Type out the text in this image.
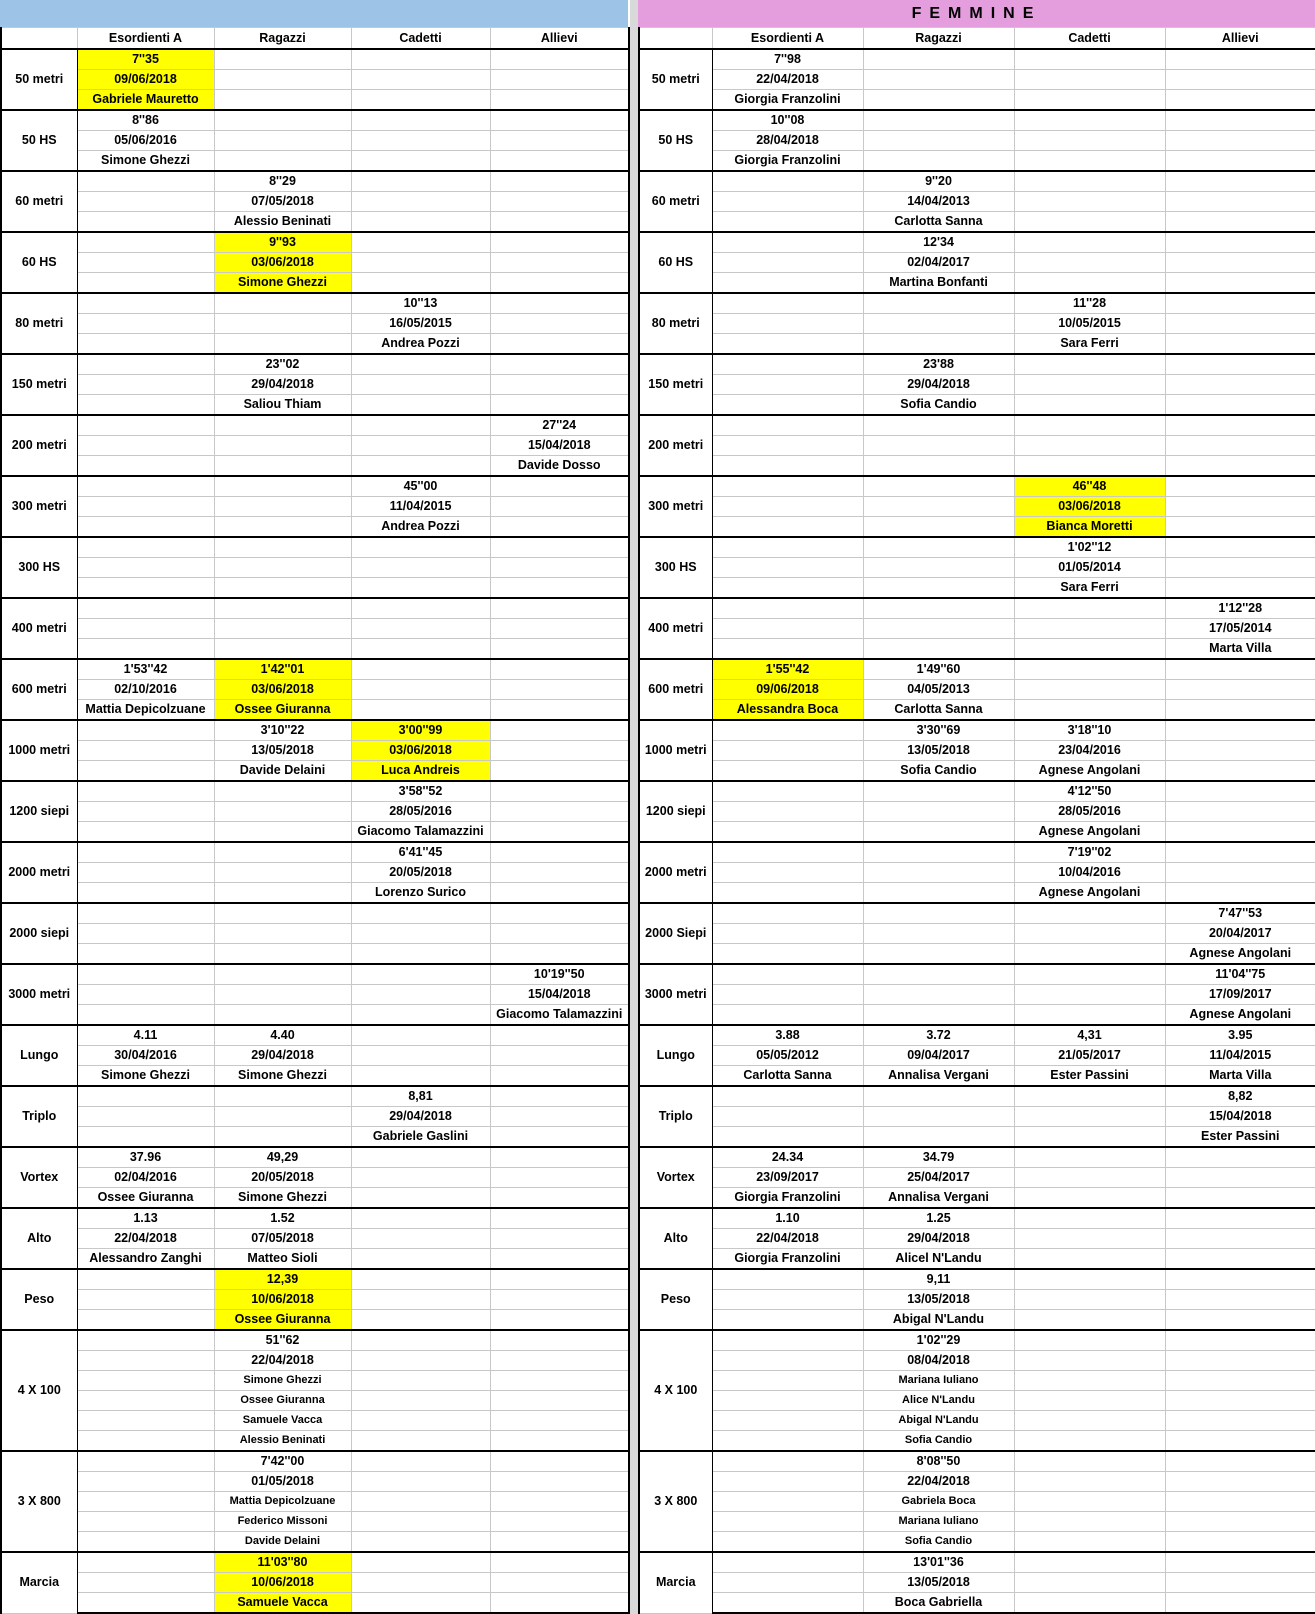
FEMMINE
	Esordienti A	Ragazzi	Cadetti	Allievi
50 metri	7''35			
	09/06/2018			
	Gabriele Mauretto			
50 HS	8''86			
	05/06/2016			
	Simone Ghezzi			
60 metri		8''29		
		07/05/2018		
		Alessio Beninati		
60 HS		9''93		
		03/06/2018		
		Simone Ghezzi		
80 metri			10''13	
			16/05/2015	
			Andrea Pozzi	
150 metri		23''02		
		29/04/2018		
		Saliou Thiam		
200 metri				27''24
				15/04/2018
				Davide Dosso
300 metri			45''00	
			11/04/2015	
			Andrea Pozzi	
300 HS				

400 metri				

600 metri	1'53''42	1'42''01		
	02/10/2016	03/06/2018		
	Mattia Depicolzuane	Ossee Giuranna		
1000 metri		3'10''22	3'00''99	
		13/05/2018	03/06/2018	
		Davide Delaini	Luca Andreis	
1200 siepi			3'58''52	
			28/05/2016	
			Giacomo Talamazzini	
2000 metri			6'41''45	
			20/05/2018	
			Lorenzo Surico	
2000 siepi				

3000 metri				10'19''50
				15/04/2018
				Giacomo Talamazzini
Lungo	4.11	4.40		
	30/04/2016	29/04/2018		
	Simone Ghezzi	Simone Ghezzi		
Triplo			8,81	
			29/04/2018	
			Gabriele Gaslini	
Vortex	37.96	49,29		
	02/04/2016	20/05/2018		
	Ossee Giuranna	Simone Ghezzi		
Alto	1.13	1.52		
	22/04/2018	07/05/2018		
	Alessandro Zanghi	Matteo Sioli		
Peso		12,39		
		10/06/2018		
		Ossee Giuranna		
4 X 100		51''62		
		22/04/2018		
		Simone Ghezzi		
		Ossee Giuranna		
		Samuele Vacca		
		Alessio Beninati		
3 X 800		7'42''00		
		01/05/2018		
		Mattia Depicolzuane		
		Federico Missoni		
		Davide Delaini		
Marcia		11'03''80		
		10/06/2018		
		Samuele Vacca		
	Esordienti A	Ragazzi	Cadetti	Allievi
50 metri	7''98			
	22/04/2018			
	Giorgia Franzolini			
50 HS	10''08			
	28/04/2018			
	Giorgia Franzolini			
60 metri		9''20		
		14/04/2013		
		Carlotta Sanna		
60 HS		12'34		
		02/04/2017		
		Martina Bonfanti		
80 metri			11''28	
			10/05/2015	
			Sara Ferri	
150 metri		23'88		
		29/04/2018		
		Sofia Candio		
200 metri				

300 metri			46''48	
			03/06/2018	
			Bianca Moretti	
300 HS			1'02''12	
			01/05/2014	
			Sara Ferri	
400 metri				1'12''28
				17/05/2014
				Marta Villa
600 metri	1'55''42	1'49''60		
	09/06/2018	04/05/2013		
	Alessandra Boca	Carlotta Sanna		
1000 metri		3'30''69	3'18''10	
		13/05/2018	23/04/2016	
		Sofia Candio	Agnese Angolani	
1200 siepi			4'12''50	
			28/05/2016	
			Agnese Angolani	
2000 metri			7'19''02	
			10/04/2016	
			Agnese Angolani	
2000 Siepi				7'47''53
				20/04/2017
				Agnese Angolani
3000 metri				11'04''75
				17/09/2017
				Agnese Angolani
Lungo	3.88	3.72	4,31	3.95
	05/05/2012	09/04/2017	21/05/2017	11/04/2015
	Carlotta Sanna	Annalisa Vergani	Ester Passini	Marta Villa
Triplo				8,82
				15/04/2018
				Ester Passini
Vortex	24.34	34.79		
	23/09/2017	25/04/2017		
	Giorgia Franzolini	Annalisa Vergani		
Alto	1.10	1.25		
	22/04/2018	29/04/2018		
	Giorgia Franzolini	Alicel N'Landu		
Peso		9,11		
		13/05/2018		
		Abigal N'Landu		
4 X 100		1'02''29		
		08/04/2018		
		Mariana Iuliano		
		Alice N'Landu		
		Abigal N'Landu		
		Sofia Candio		
3 X 800		8'08''50		
		22/04/2018		
		Gabriela Boca		
		Mariana Iuliano		
		Sofia Candio		
Marcia		13'01''36		
		13/05/2018		
		Boca Gabriella		
